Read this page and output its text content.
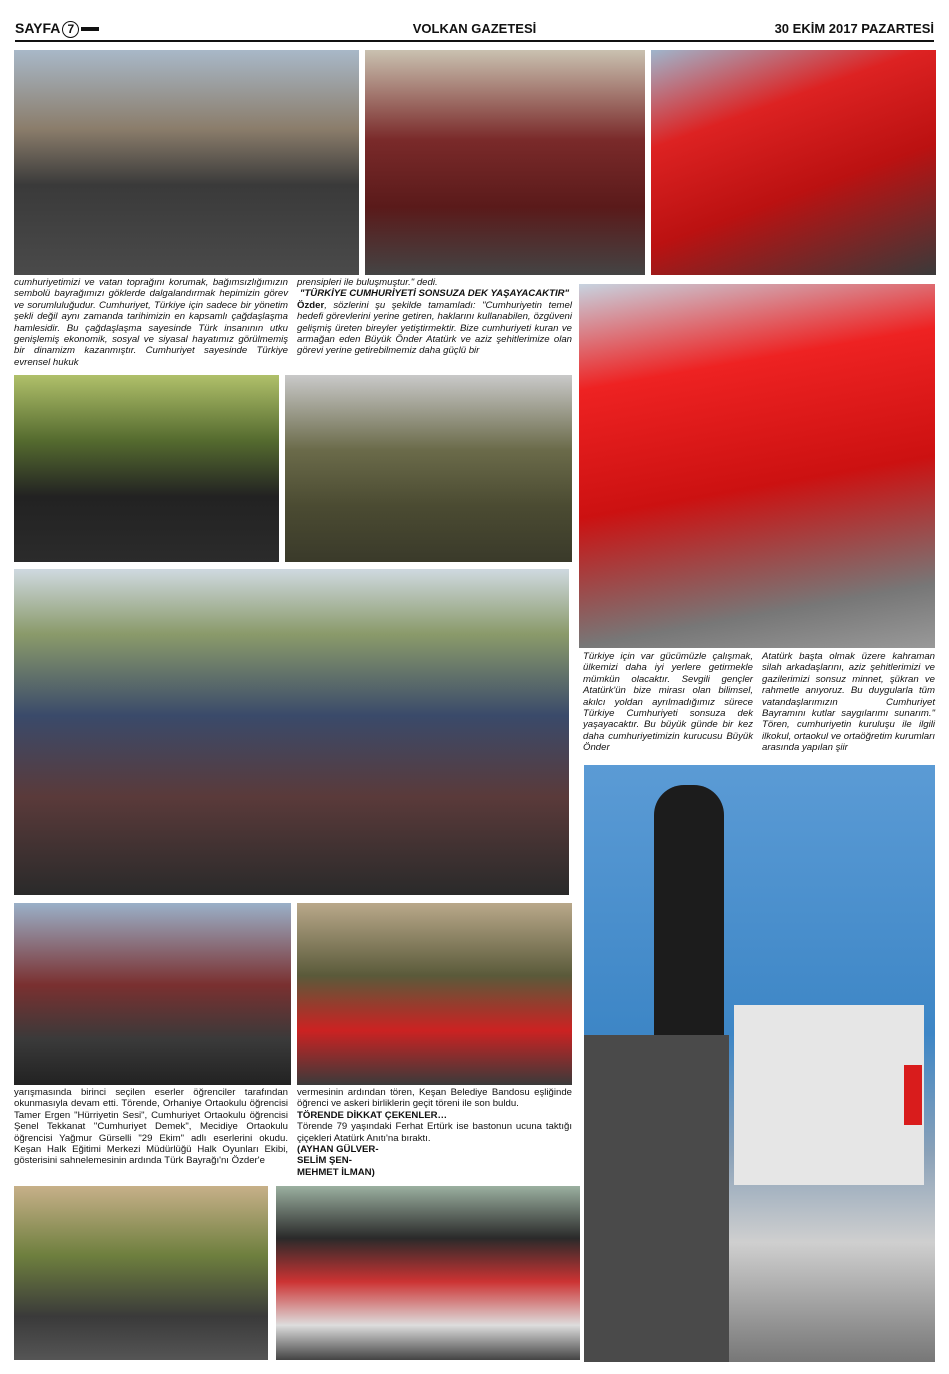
SAYFA 7	VOLKAN GAZETESİ	30 EKİM 2017 PAZARTESİ

cumhuriyetimizi ve vatan toprağını korumak, bağımsızlığımızın sembolü bayrağımızı göklerde dalgalandırmak hepimizin görev ve sorumluluğudur. Cumhuriyet, Türkiye için sadece bir yönetim şekli değil aynı zamanda tarihimizin en kapsamlı çağdaşlaşma hamlesidir. Bu çağdaşlaşma sayesinde Türk insanının utku genişlemiş ekonomik, sosyal ve siyasal hayatımız görülmemiş bir dinamizm kazanmıştır. Cumhuriyet sayesinde Türkiye evrensel hukuk

prensipleri ile buluşmuştur." dedi.

"TÜRKİYE CUMHURİYETİ SONSUZA DEK YAŞAYACAKTIR"

Özder, sözlerini şu şekilde tamamladı: "Cumhuriyetin temel hedefi görevlerini yerine getiren, haklarını kullanabilen, özgüveni gelişmiş üreten bireyler yetiştirmektir. Bize cumhuriyeti kuran ve armağan eden Büyük Önder Atatürk ve aziz şehitlerimize olan görevi yerine getirebilmemiz daha güçlü bir

Türkiye için var gücümüzle çalışmak, ülkemizi daha iyi yerlere getirmekle mümkün olacaktır. Sevgili gençler Atatürk'ün bize mirası olan bilimsel, akılcı yoldan ayrılmadığımız sürece Türkiye Cumhuriyeti sonsuza dek yaşayacaktır. Bu büyük günde bir kez daha cumhuriyetimizin kurucusu Büyük Önder

Atatürk başta olmak üzere kahraman silah arkadaşlarını, aziz şehitlerimizi ve gazilerimizi sonsuz minnet, şükran ve rahmetle anıyoruz. Bu duygularla tüm vatandaşlarımızın Cumhuriyet Bayramını kutlar saygılarımı sunarım." Tören, cumhuriyetin kuruluşu ile ilgili ilkokul, ortaokul ve ortaöğretim kurumları arasında yapılan şiir

yarışmasında birinci seçilen eserler öğrenciler tarafından okunmasıyla devam etti. Törende, Orhaniye Ortaokulu öğrencisi Tamer Ergen "Hürriyetin Sesi", Cumhuriyet Ortaokulu öğrencisi Şenel Tekkanat "Cumhuriyet Demek", Mecidiye Ortaokulu öğrencisi Yağmur Gürselli "29 Ekim" adlı eserlerini okudu. Keşan Halk Eğitimi Merkezi Müdürlüğü Halk Oyunları Ekibi, gösterisini sahnelemesinin ardında Türk Bayrağı'nı Özder'e

vermesinin ardından tören, Keşan Belediye Bandosu eşliğinde öğrenci ve askeri birliklerin geçit töreni ile son buldu.

TÖRENDE DİKKAT ÇEKENLER…

Törende 79 yaşındaki Ferhat Ertürk ise bastonun ucuna taktığı çiçekleri Atatürk Anıtı'na bıraktı.

(AYHAN GÜLVER-

SELİM ŞEN-

MEHMET İLMAN)
